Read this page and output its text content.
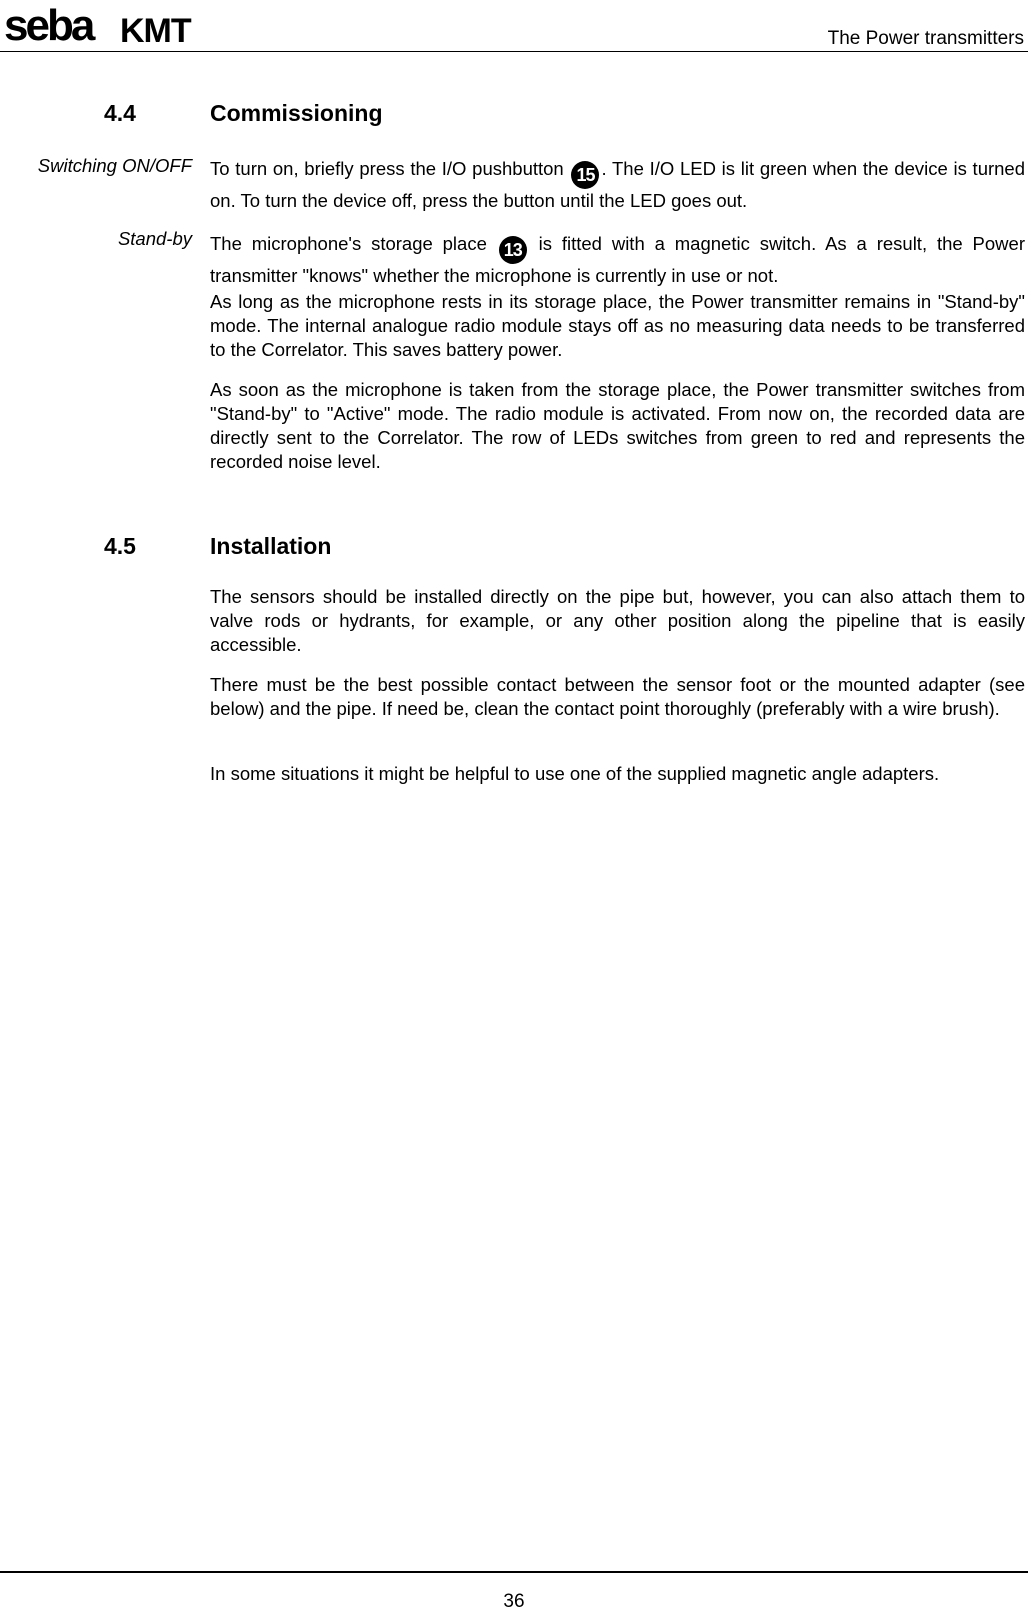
seba KMT	The Power transmitters
4.4	Commissioning
Switching ON/OFF To turn on, briefly press the I/O pushbutton 15 . The I/O LED is lit green when the device is turned on. To turn the device off, press the button until the LED goes out.

Stand-by The microphone's storage place 13 is fitted with a magnetic switch. As a result, the Power transmitter "knows" whether the microphone is currently in use or not.

As long as the microphone rests in its storage place, the Power transmitter remains in "Stand-by" mode. The internal analogue radio module stays off as no measuring data needs to be transferred to the Correlator. This saves battery power.

As soon as the microphone is taken from the storage place, the Power transmitter switches from "Stand-by" to "Active" mode. The radio module is activated. From now on, the recorded data are directly sent to the Correlator. The row of LEDs switches from green to red and represents the recorded noise level.

4.5	Installation

The sensors should be installed directly on the pipe but, however, you can also attach them to valve rods or hydrants, for example, or any other position along the pipeline that is easily accessible.

There must be the best possible contact between the sensor foot or the mounted adapter (see below) and the pipe. If need be, clean the contact point thoroughly (preferably with a wire brush).

In some situations it might be helpful to use one of the supplied magnetic angle adapters.

36
